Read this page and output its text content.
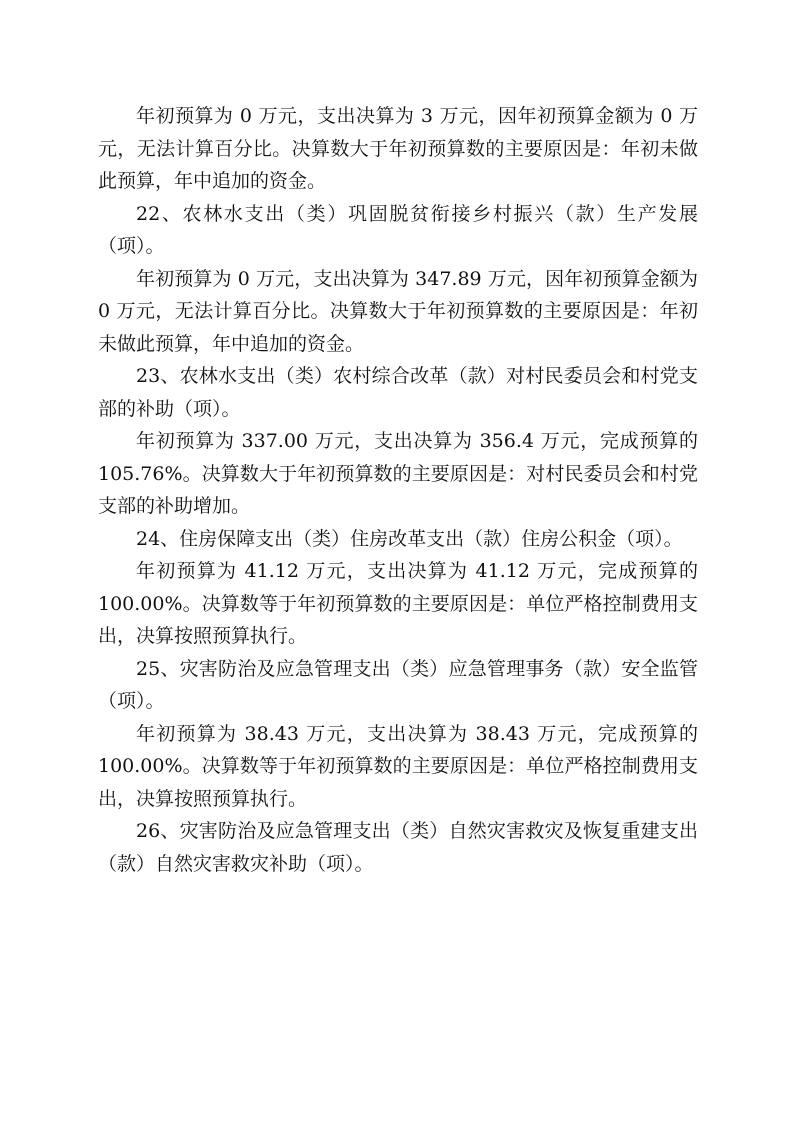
年初预算为 0 万元，支出决算为 3 万元，因年初预算金额为 0 万元，无法计算百分比。决算数大于年初预算数的主要原因是：年初未做此预算，年中追加的资金。

22、农林水支出（类）巩固脱贫衔接乡村振兴（款）生产发展（项）。

年初预算为 0 万元，支出决算为 347.89 万元，因年初预算金额为 0 万元，无法计算百分比。决算数大于年初预算数的主要原因是：年初未做此预算，年中追加的资金。

23、农林水支出（类）农村综合改革（款）对村民委员会和村党支部的补助（项）。

年初预算为 337.00 万元，支出决算为 356.4 万元，完成预算的 105.76%。决算数大于年初预算数的主要原因是：对村民委员会和村党支部的补助增加。

24、住房保障支出（类）住房改革支出（款）住房公积金（项）。

年初预算为 41.12 万元，支出决算为 41.12 万元，完成预算的 100.00%。决算数等于年初预算数的主要原因是：单位严格控制费用支出，决算按照预算执行。

25、灾害防治及应急管理支出（类）应急管理事务（款）安全监管（项）。

年初预算为 38.43 万元，支出决算为 38.43 万元，完成预算的 100.00%。决算数等于年初预算数的主要原因是：单位严格控制费用支出，决算按照预算执行。

26、灾害防治及应急管理支出（类）自然灾害救灾及恢复重建支出（款）自然灾害救灾补助（项）。
